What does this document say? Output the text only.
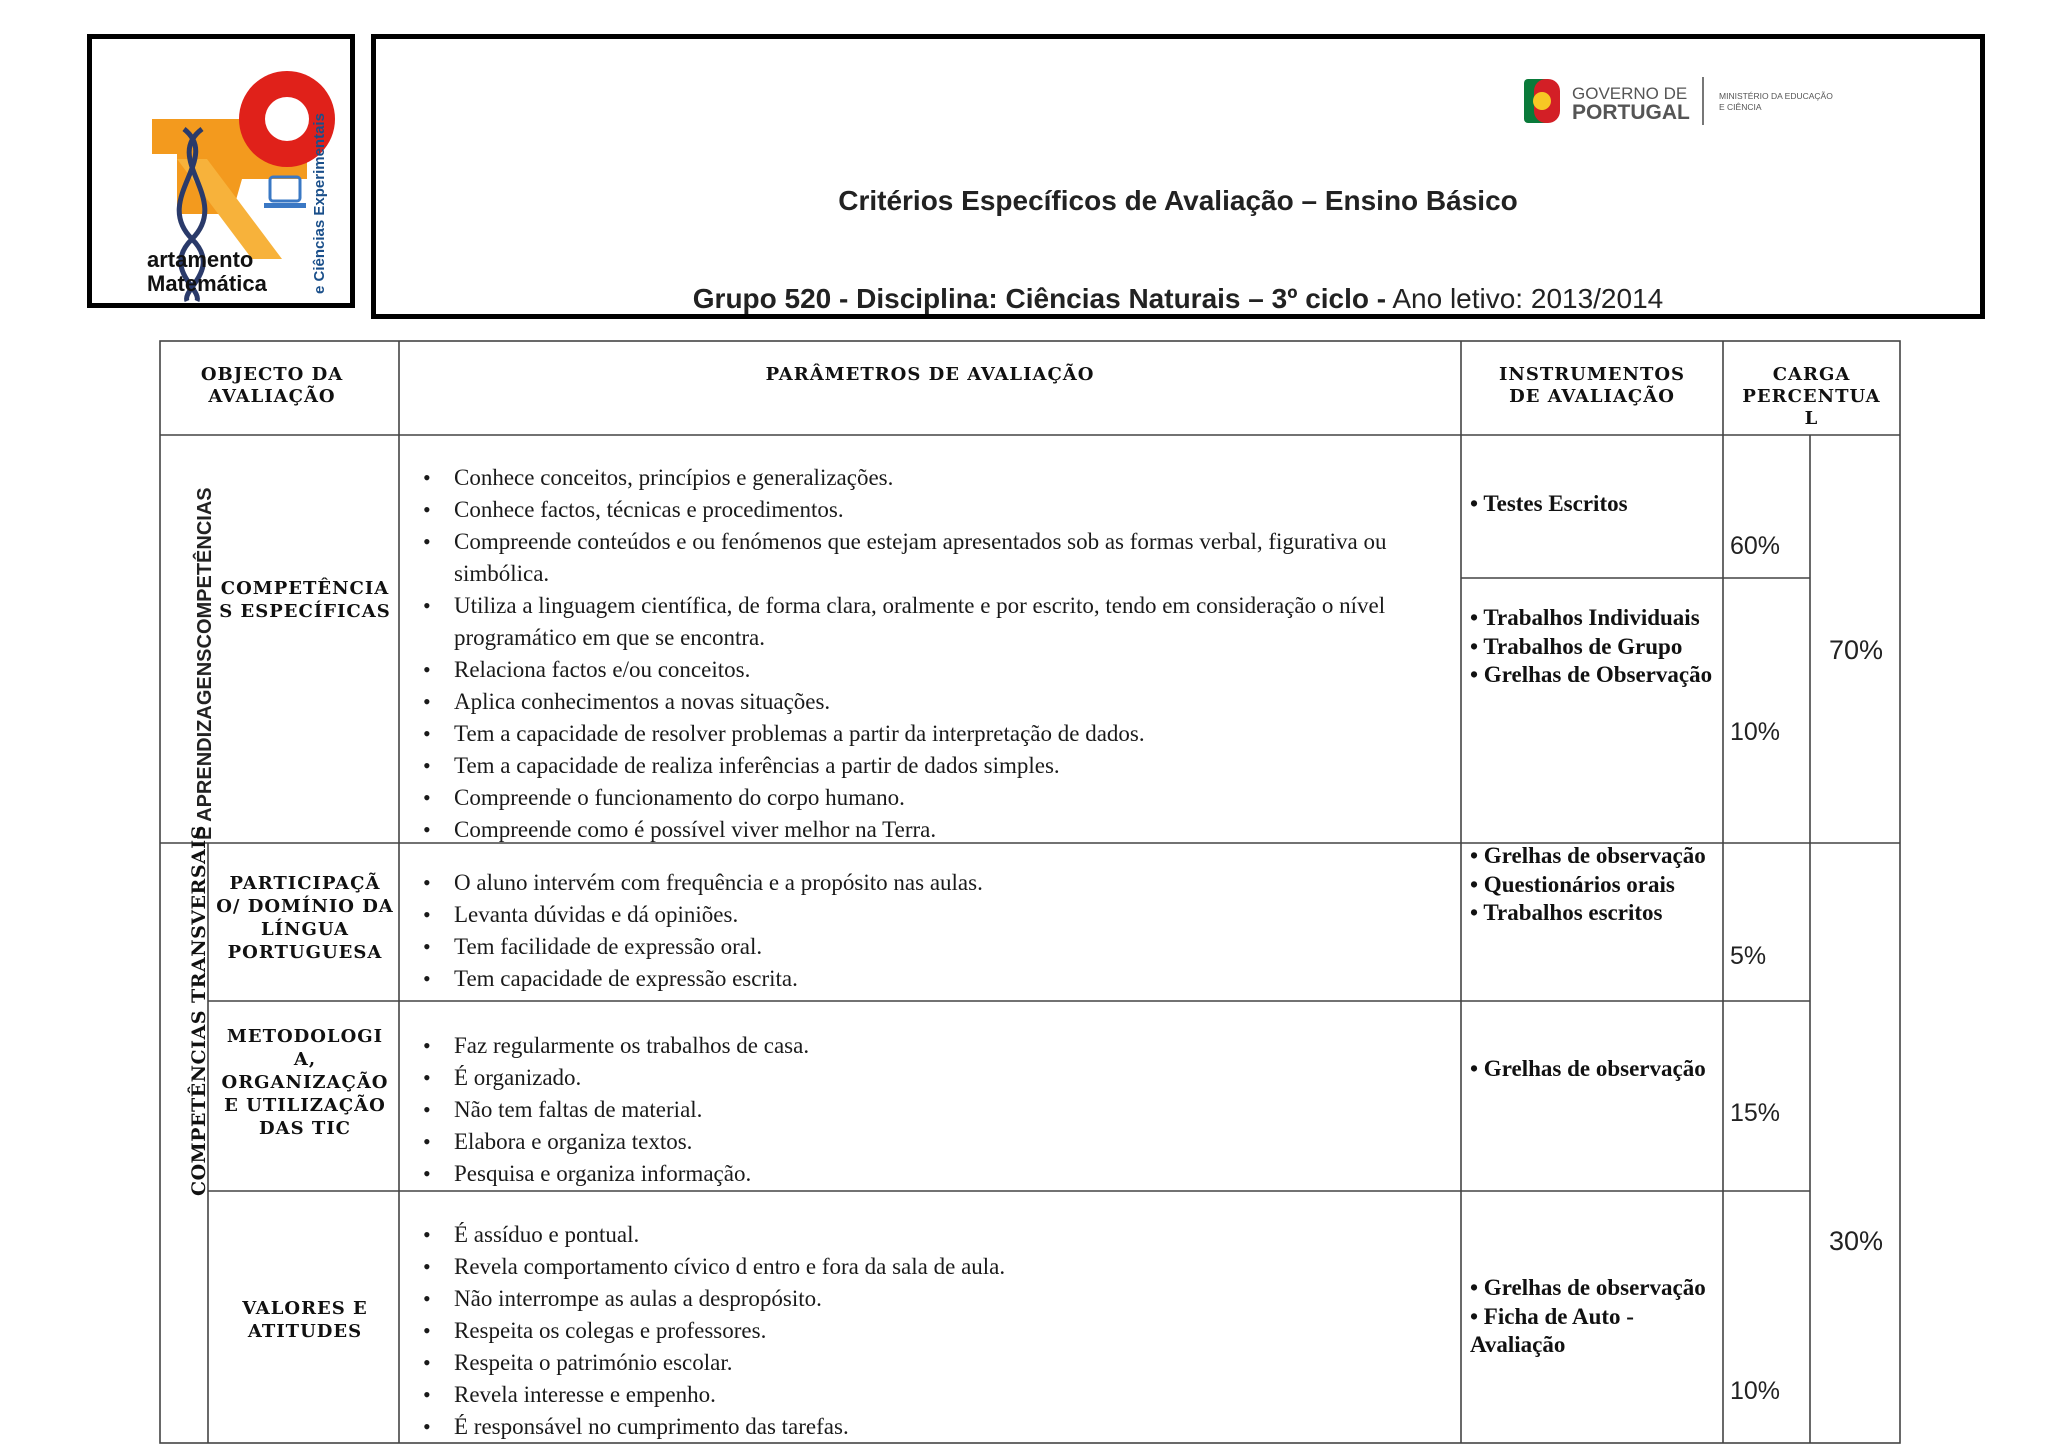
artamento
Matemática	e Ciências Experimentais
GOVERNO DE
PORTUGAL
MINISTÉRIO DA EDUCAÇÃO
E CIÊNCIA
Critérios Específicos de Avaliação – Ensino Básico
Grupo 520 - Disciplina: Ciências Naturais – 3º ciclo - Ano letivo: 2013/2014
OBJECTO DA AVALIAÇÃO
PARÂMETROS DE AVALIAÇÃO	INSTRUMENTOS DE AVALIAÇÃO
CARGA
PERCENTUA
L
E APRENDIZAGENSCOMPETÊNCIAS
COMPETÊNCIAS TRANSVERSAIS
COMPETÊNCIA S ESPECÍFICAS
• Conhece conceitos, princípios e generalizações.
• Conhece factos, técnicas e procedimentos.
• Compreende conteúdos e ou fenómenos que estejam apresentados sob as formas verbal, figurativa ou simbólica.
• Utiliza a linguagem científica, de forma clara, oralmente e por escrito, tendo em consideração o nível programático em que se encontra.
• Relaciona factos e/ou conceitos.
• Aplica conhecimentos a novas situações.
• Tem a capacidade de resolver problemas a partir da interpretação de dados.
• Tem a capacidade de realiza inferências a partir de dados simples.
• Compreende o funcionamento do corpo humano.
• Compreende como é possível viver melhor na Terra.
• Testes Escritos
60%
• Trabalhos Individuais
• Trabalhos de Grupo
• Grelhas de Observação
10%
70%
PARTICIPAÇÃ O/ DOMÍNIO DA LÍNGUA PORTUGUESA
• O aluno intervém com frequência e a propósito nas aulas.
• Levanta dúvidas e dá opiniões.
• Tem facilidade de expressão oral.
• Tem capacidade de expressão escrita.
• Grelhas de observação
• Questionários orais
• Trabalhos escritos
5%
METODOLOGI A, ORGANIZAÇÃO E UTILIZAÇÃO DAS TIC
• Faz regularmente os trabalhos de casa.
• É organizado.
• Não tem faltas de material.
• Elabora e organiza textos.
• Pesquisa e organiza informação.
• Grelhas de observação
15%
VALORES E ATITUDES
• É assíduo e pontual.
• Revela comportamento cívico d entro e fora da sala de aula.
• Não interrompe as aulas a despropósito.
• Respeita os colegas e professores.
• Respeita o património escolar.
• Revela interesse e empenho.
• É responsável no cumprimento das tarefas.
• Grelhas de observação
• Ficha de Auto - Avaliação
10%
30%
